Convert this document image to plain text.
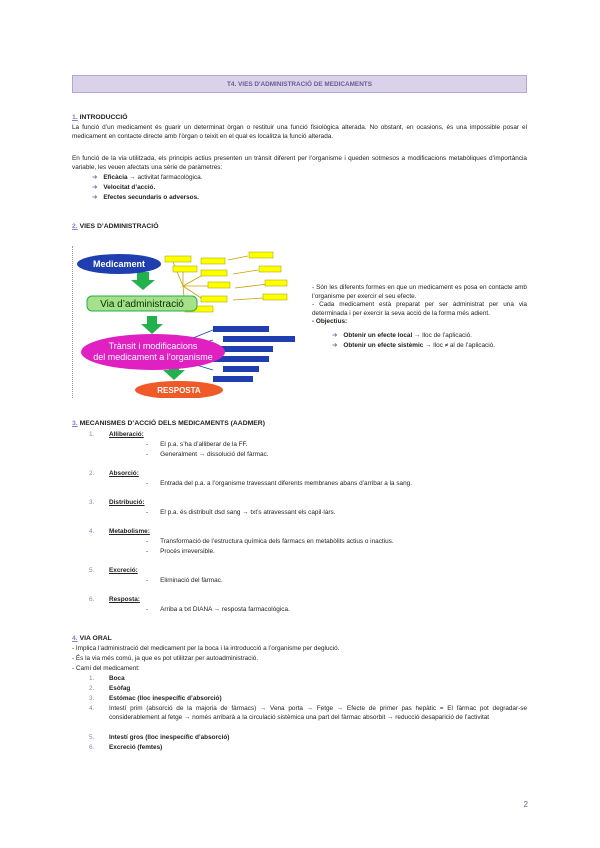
T4. VIES D'ADMINISTRACIÓ DE MEDICAMENTS
1. INTRODUCCIÓ
La funció d’un medicament és guarir un determinat òrgan o restituir una funció fisiològica alterada. No obstant, en ocasions, és una impossible posar el medicament en contacte directe amb l’òrgan o teixit en el qual es localitza la funció alterada.
En funció de la via utilitzada, els principis actius presenten un trànsit diferent per l’organisme i queden sotmesos a modificacions metabòliques d’importància variable, les veuen afectats una sèrie de paràmetres:
➔ Eficàcia → activitat farmacològica.
➔ Velocitat d’acció.
➔ Efectes secundaris o adversos.
2. VIES D’ADMINISTRACIÓ
Medicament
Via d’administració
Trànsit i modificacions
del medicament a l’organisme
RESPOSTA
- Són les diferents formes en que un medicament es posa en contacte amb l’organisme per exercir el seu efecte.
- Cada medicament està preparat per ser administrat per una via determinada i per exercir la seva acció de la forma més adient.
- Objectius:
➔ Obtenir un efecte local → lloc de l’aplicació.
➔ Obtenir un efecte sistèmic → lloc ≠ al de l’aplicació.
3. MECANISMES D’ACCIÓ DELS MEDICAMENTS (AADMER)
1. Alliberació:
- El p.a. s’ha d’alliberar de la FF.
- Generalment → dissolució del fàrmac.
2. Absorció:
- Entrada del p.a. a l’organisme travessant diferents membranes abans d’arribar a la sang.
3. Distribució:
- El p.a. és distribuït dsd sang → txt’s atravessant els capil·lars.
4. Metabolisme:
- Transformació de l’estructura química dels fàrmacs en metabòlits actius o inactius.
- Procés irreversible.
5. Excreció:
- Eliminació del fàrmac.
6. Resposta:
- Arriba a txt DIANA → resposta farmacològica.
4. VIA ORAL
- Implica l’administració del medicament per la boca i la introducció a l’organisme per deglució.
- És la via més comú, ja que es pot utilitzar per autoadministració.
- Camí del medicament:
1. Boca
2. Esòfag
3. Estómac (lloc inespecífic d’absorció)
4. Intestí prim (absorció de la majoria de fàrmacs) → Vena porta → Fetge → Efecte de primer pas hepàtic = El fàrmac pot degradar-se considerablement al fetge → només arribarà a la circulació sistèmica una part del fàrmac absorbit → reducció desaparició de l’activitat
5. Intestí gros (lloc inespecífic d’absorció)
6. Excreció (femtes)
2
